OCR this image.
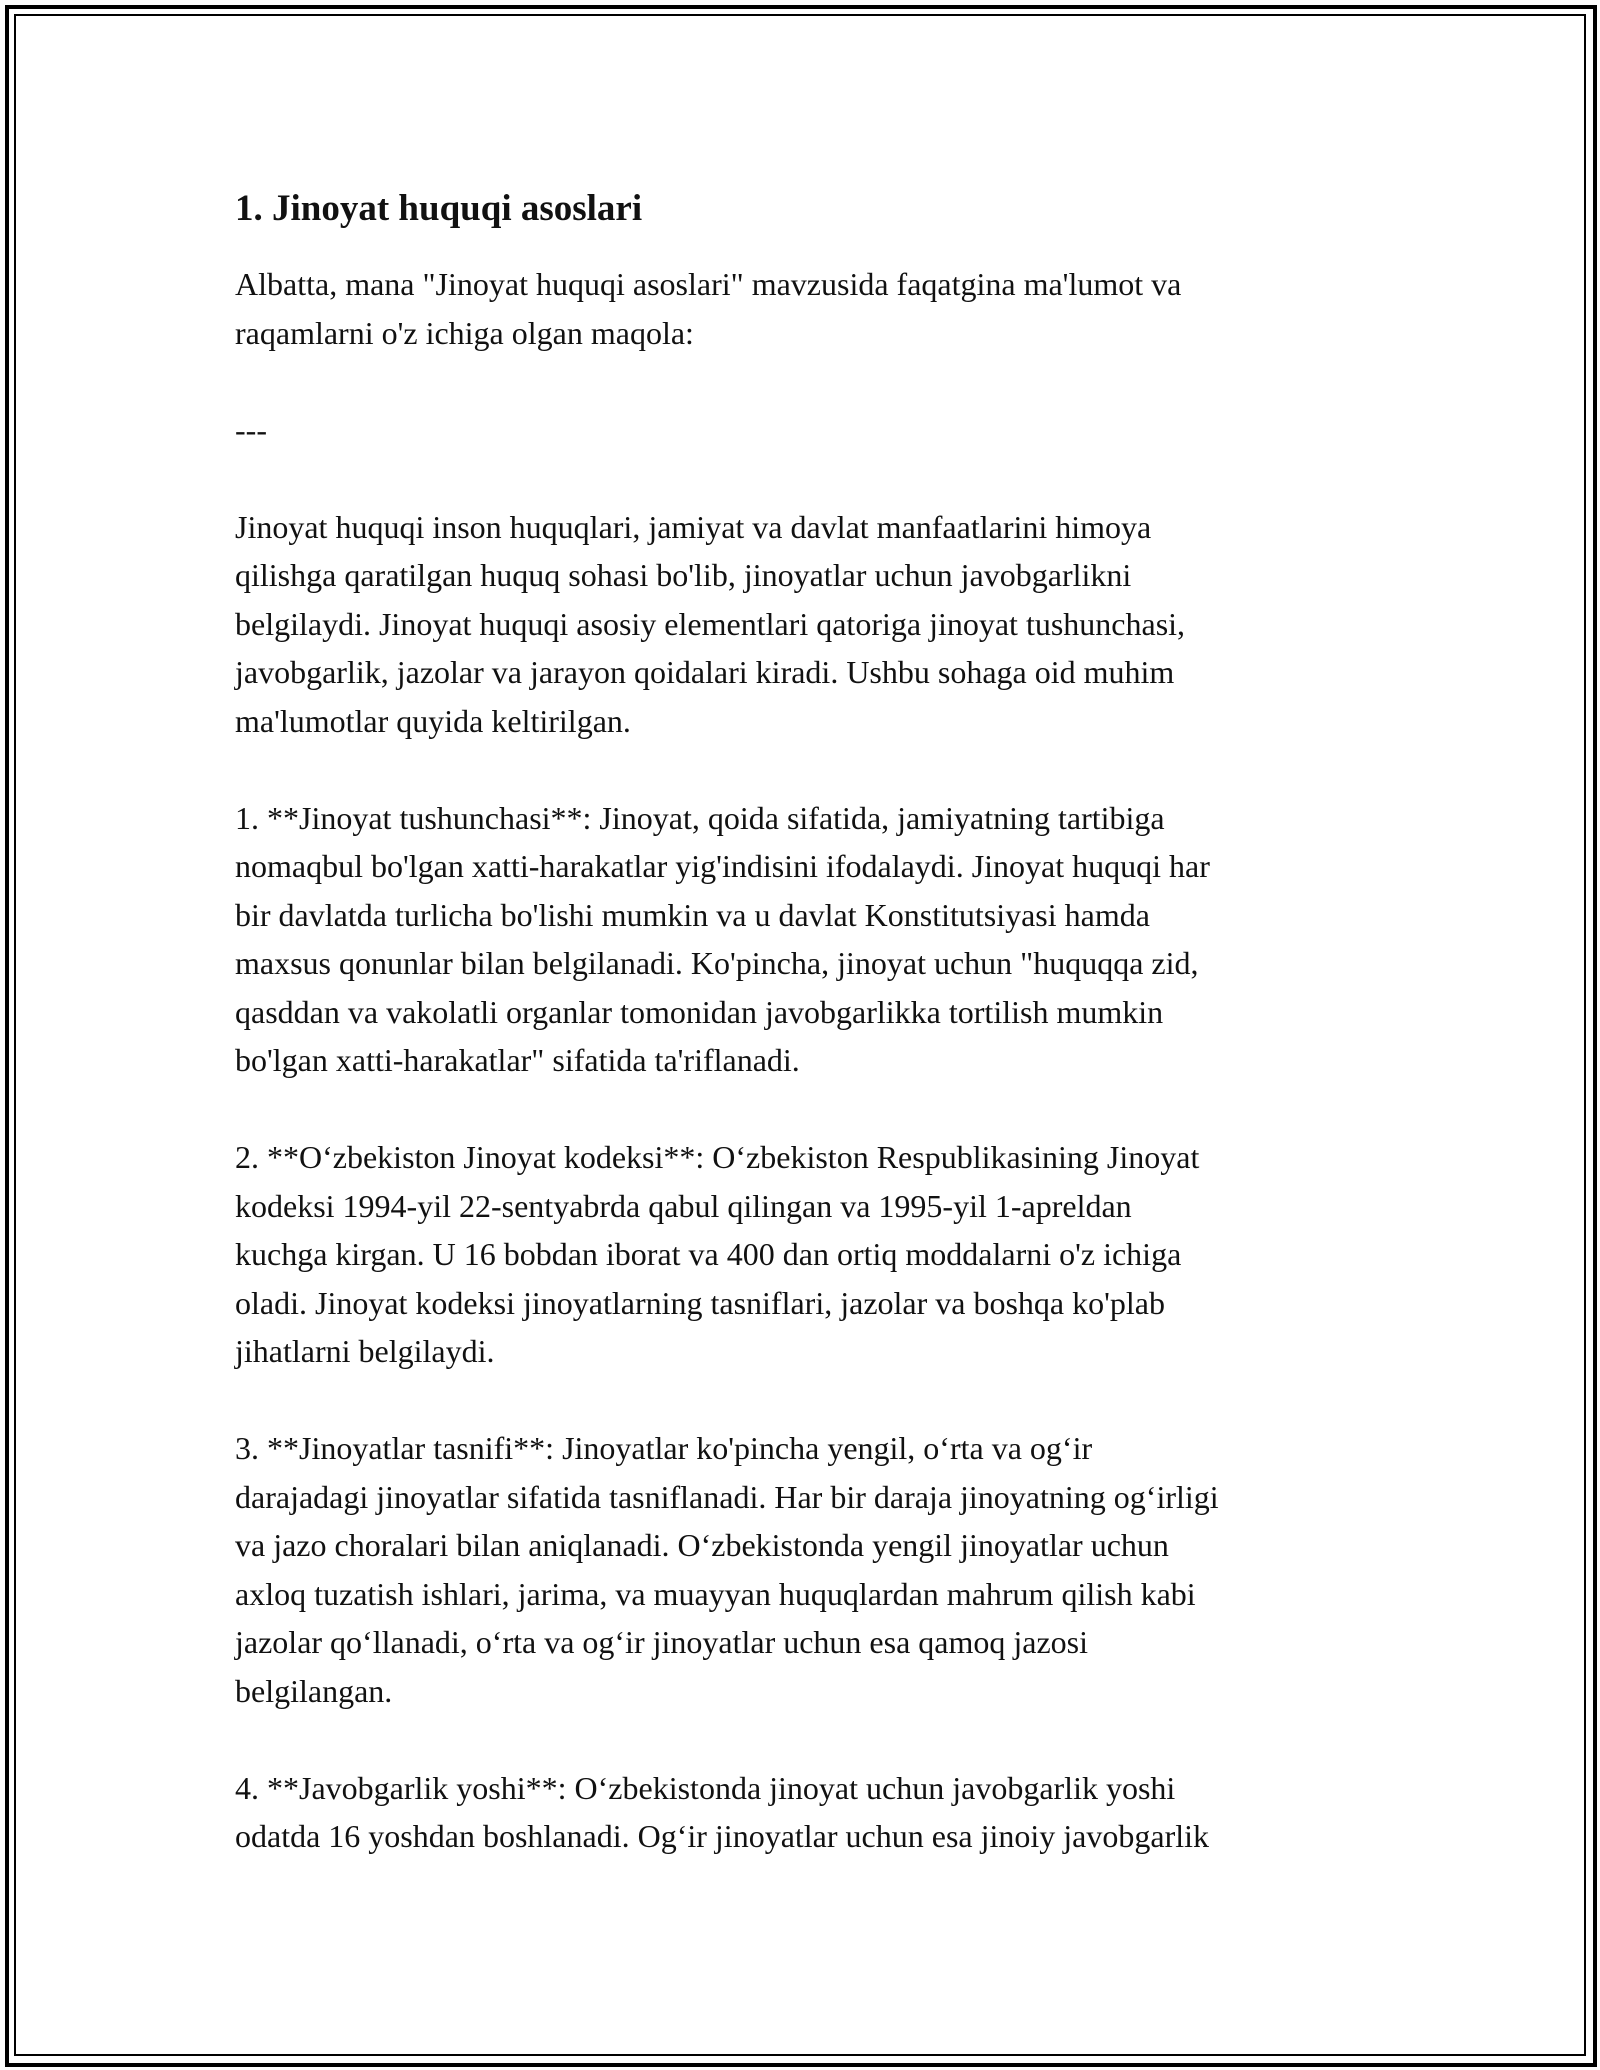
1. Jinoyat huquqi asoslari
Albatta, mana "Jinoyat huquqi asoslari" mavzusida faqatgina ma'lumot va
raqamlarni o'z ichiga olgan maqola:
---
Jinoyat huquqi inson huquqlari, jamiyat va davlat manfaatlarini himoya
qilishga qaratilgan huquq sohasi bo'lib, jinoyatlar uchun javobgarlikni
belgilaydi. Jinoyat huquqi asosiy elementlari qatoriga jinoyat tushunchasi,
javobgarlik, jazolar va jarayon qoidalari kiradi. Ushbu sohaga oid muhim
ma'lumotlar quyida keltirilgan.
1. **Jinoyat tushunchasi**: Jinoyat, qoida sifatida, jamiyatning tartibiga
nomaqbul bo'lgan xatti-harakatlar yig'indisini ifodalaydi. Jinoyat huquqi har
bir davlatda turlicha bo'lishi mumkin va u davlat Konstitutsiyasi hamda
maxsus qonunlar bilan belgilanadi. Ko'pincha, jinoyat uchun "huquqqa zid,
qasddan va vakolatli organlar tomonidan javobgarlikka tortilish mumkin
bo'lgan xatti-harakatlar" sifatida ta'riflanadi.
2. **O‘zbekiston Jinoyat kodeksi**: O‘zbekiston Respublikasining Jinoyat
kodeksi 1994-yil 22-sentyabrda qabul qilingan va 1995-yil 1-apreldan
kuchga kirgan. U 16 bobdan iborat va 400 dan ortiq moddalarni o'z ichiga
oladi. Jinoyat kodeksi jinoyatlarning tasniflari, jazolar va boshqa ko'plab
jihatlarni belgilaydi.
3. **Jinoyatlar tasnifi**: Jinoyatlar ko'pincha yengil, o‘rta va og‘ir
darajadagi jinoyatlar sifatida tasniflanadi. Har bir daraja jinoyatning og‘irligi
va jazo choralari bilan aniqlanadi. O‘zbekistonda yengil jinoyatlar uchun
axloq tuzatish ishlari, jarima, va muayyan huquqlardan mahrum qilish kabi
jazolar qo‘llanadi, o‘rta va og‘ir jinoyatlar uchun esa qamoq jazosi
belgilangan.
4. **Javobgarlik yoshi**: O‘zbekistonda jinoyat uchun javobgarlik yoshi
odatda 16 yoshdan boshlanadi. Og‘ir jinoyatlar uchun esa jinoiy javobgarlik
